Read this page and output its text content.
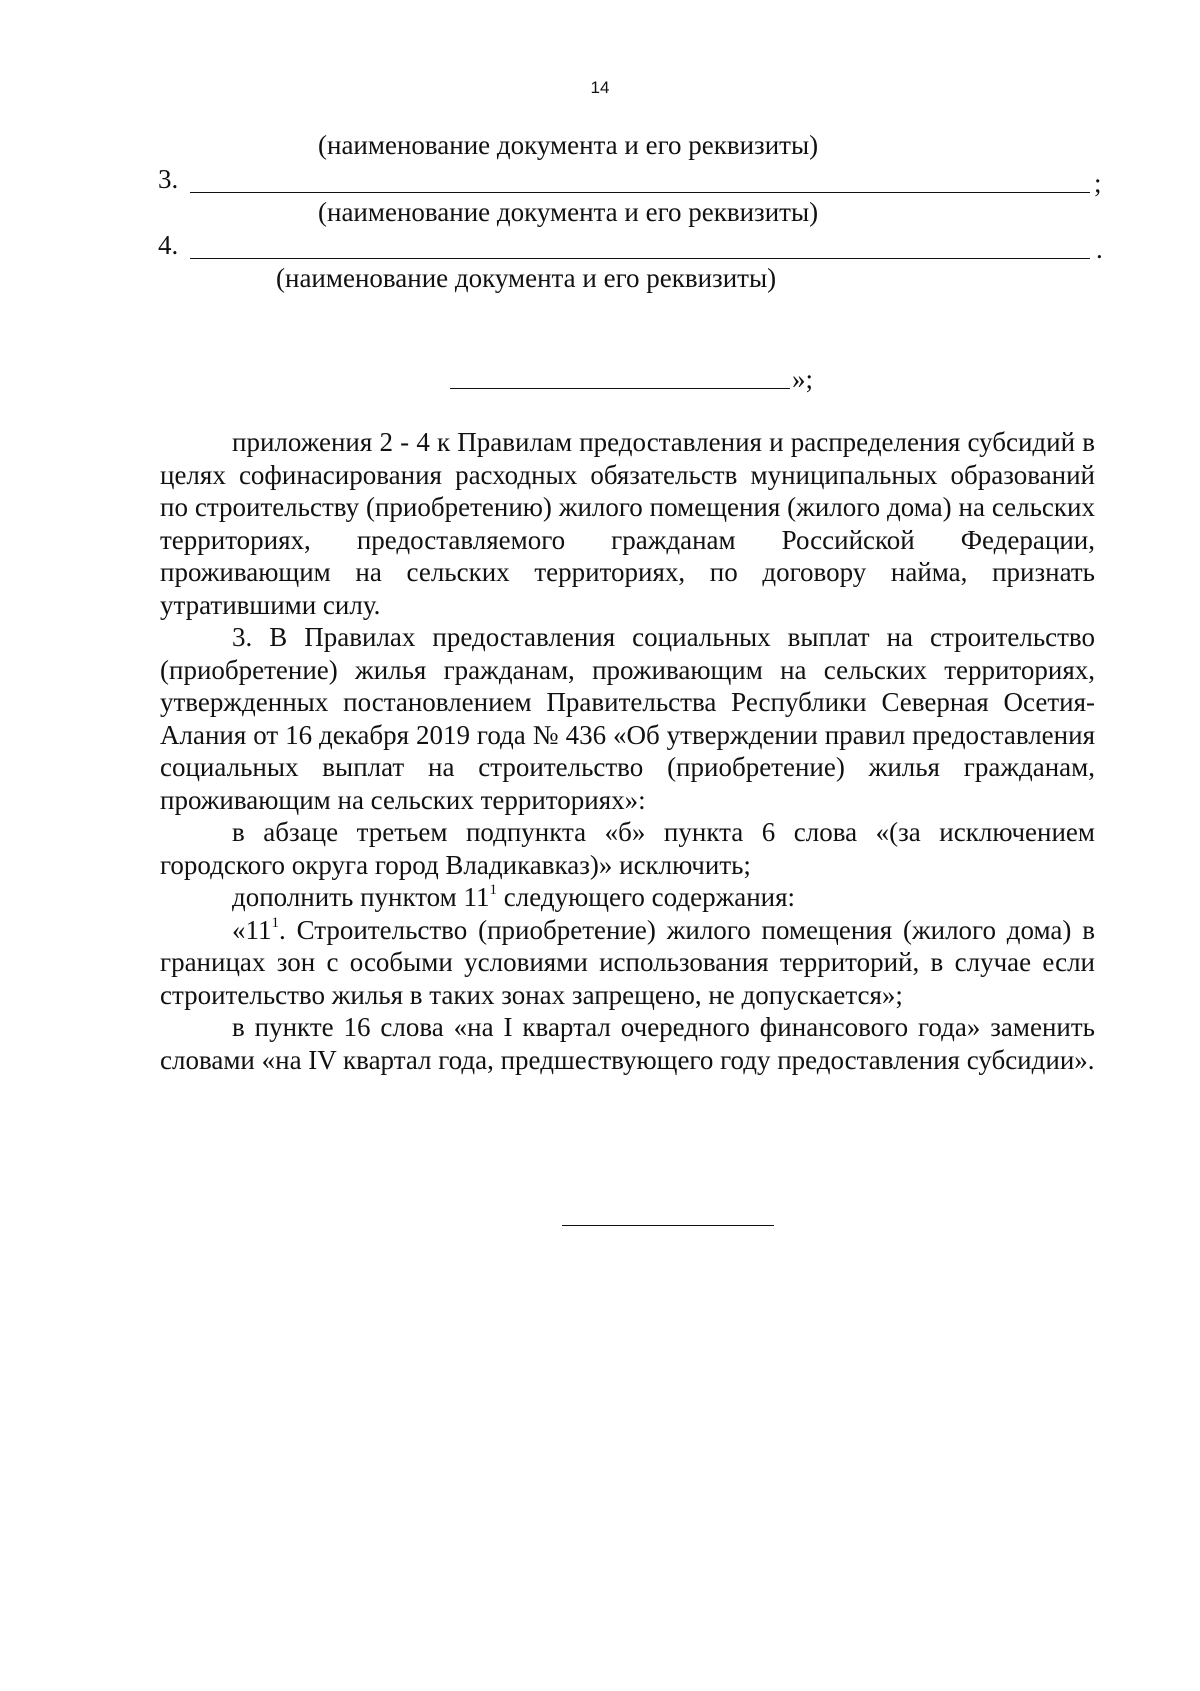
14
(наименование документа и его реквизиты)
3.	;
(наименование документа и его реквизиты)
4.	.
(наименование документа и его реквизиты)
»;

приложения 2 - 4 к Правилам предоставления и распределения субсидий в целях софинасирования расходных обязательств муниципальных образований по строительству (приобретению) жилого помещения (жилого дома) на сельских территориях, предоставляемого гражданам Российской Федерации, проживающим на сельских территориях, по договору найма, признать утратившими силу.

3. В Правилах предоставления социальных выплат на строительство (приобретение) жилья гражданам, проживающим на сельских территориях, утвержденных постановлением Правительства Республики Северная Осетия-Алания от 16 декабря 2019 года № 436 «Об утверждении правил предоставления социальных выплат на строительство (приобретение) жилья гражданам, проживающим на сельских территориях»:

в абзаце третьем подпункта «б» пункта 6 слова «(за исключением городского округа город Владикавказ)» исключить;

дополнить пунктом $11^1$ следующего содержания:

«$11^1$. Строительство (приобретение) жилого помещения (жилого дома) в границах зон с особыми условиями использования территорий, в случае если строительство жилья в таких зонах запрещено, не допускается»;

в пункте 16 слова «на I квартал очередного финансового года» заменить словами «на IV квартал года, предшествующего году предоставления субсидии».
